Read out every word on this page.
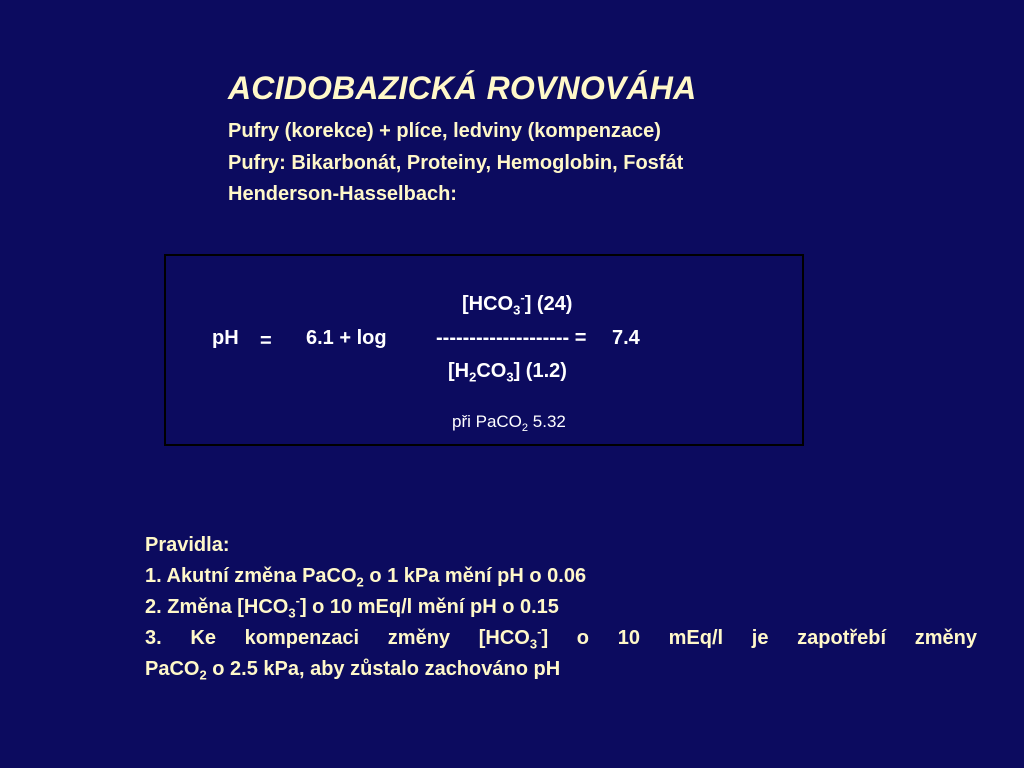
ACIDOBAZICKÁ ROVNOVÁHA
Pufry (korekce) + plíce, ledviny (kompenzace)
Pufry: Bikarbonát, Proteiny, Hemoglobin, Fosfát
Henderson-Hasselbach:
$[HCO_3^-]$ (24)
pH = 6.1 + log -------------------- = 7.4
$[H_2CO_3]$ (1.2)
při PaCO$_2$ 5.32
Pravidla:
1. Akutní změna PaCO$_2$ o 1 kPa mění pH o 0.06
2. Změna $[HCO_3^-]$ o 10 mEq/l mění pH o 0.15
3. Ke kompenzaci změny $[HCO_3^-]$ o 10 mEq/l je zapotřebí změny
PaCO$_2$ o 2.5 kPa, aby zůstalo zachováno pH
